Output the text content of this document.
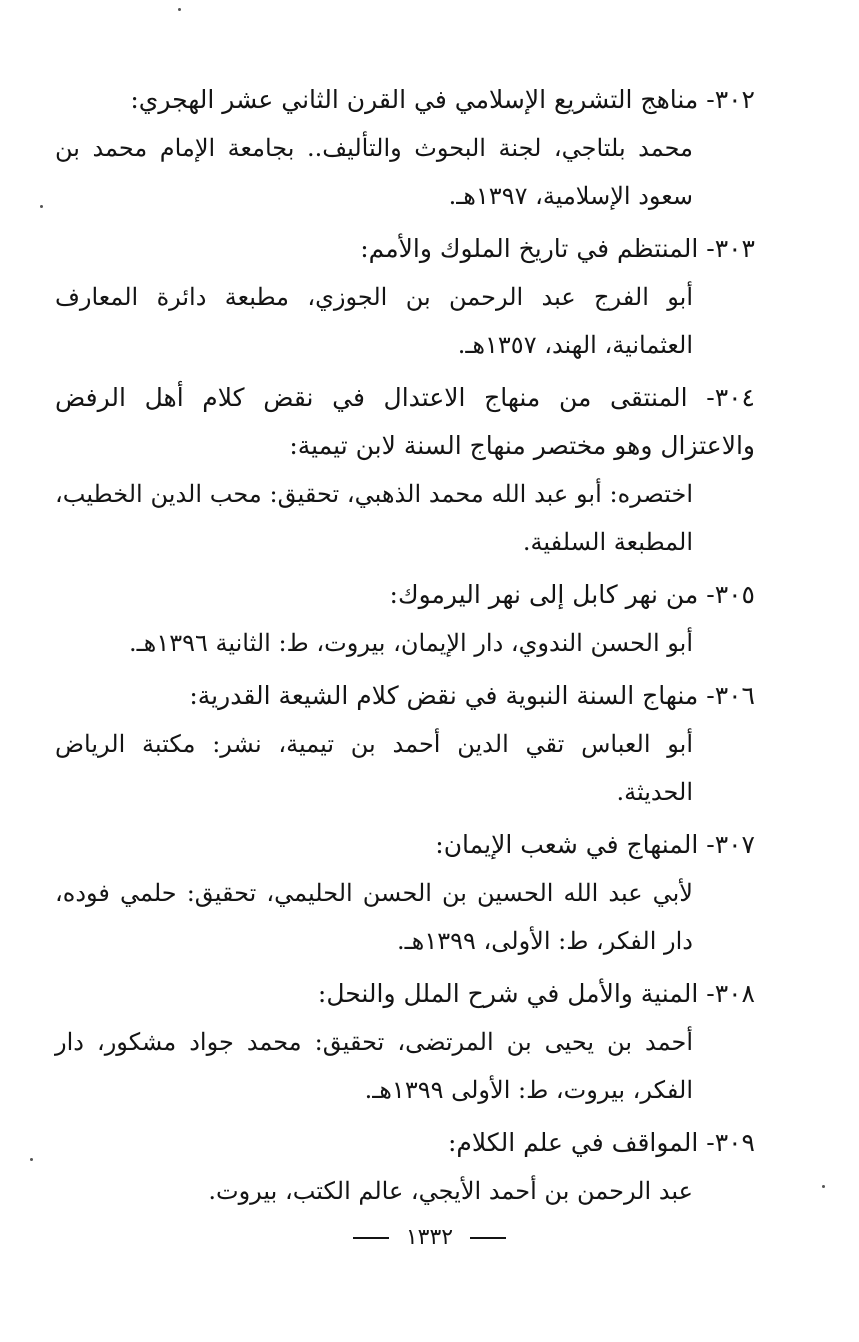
٣٠٢- مناهج التشريع الإسلامي في القرن الثاني عشر الهجري:

محمد بلتاجي، لجنة البحوث والتأليف.. بجامعة الإمام محمد بن سعود الإسلامية، ١٣٩٧هـ.

٣٠٣- المنتظم في تاريخ الملوك والأمم:

أبو الفرج عبد الرحمن بن الجوزي، مطبعة دائرة المعارف العثمانية، الهند، ١٣٥٧هـ.

٣٠٤- المنتقى من منهاج الاعتدال في نقض كلام أهل الرفض والاعتزال وهو مختصر منهاج السنة لابن تيمية:

اختصره: أبو عبد الله محمد الذهبي، تحقيق: محب الدين الخطيب، المطبعة السلفية.

٣٠٥- من نهر كابل إلى نهر اليرموك:

أبو الحسن الندوي، دار الإيمان، بيروت، ط: الثانية ١٣٩٦هـ.

٣٠٦- منهاج السنة النبوية في نقض كلام الشيعة القدرية:

أبو العباس تقي الدين أحمد بن تيمية، نشر: مكتبة الرياض الحديثة.

٣٠٧- المنهاج في شعب الإيمان:

لأبي عبد الله الحسين بن الحسن الحليمي، تحقيق: حلمي فوده، دار الفكر، ط: الأولى، ١٣٩٩هـ.

٣٠٨- المنية والأمل في شرح الملل والنحل:

أحمد بن يحيى بن المرتضى، تحقيق: محمد جواد مشكور، دار الفكر، بيروت، ط: الأولى ١٣٩٩هـ.

٣٠٩- المواقف في علم الكلام:

عبد الرحمن بن أحمد الأيجي، عالم الكتب، بيروت.

١٣٣٢
